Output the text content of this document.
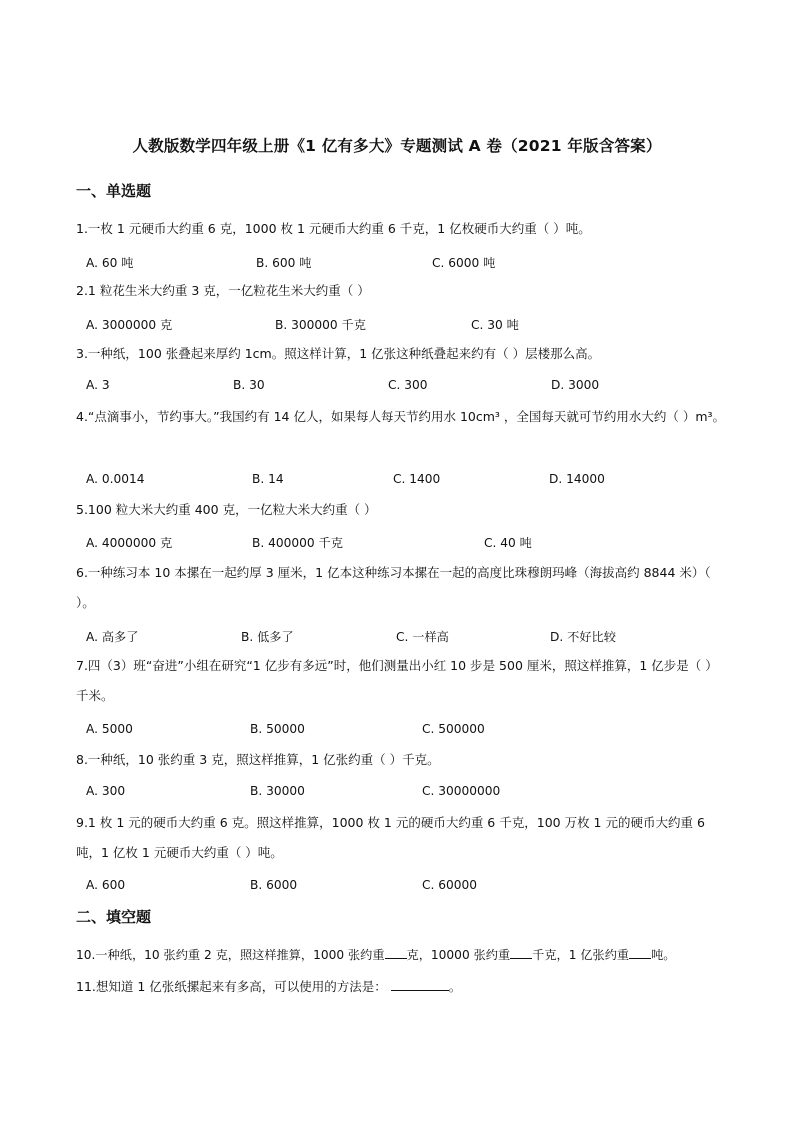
人教版数学四年级上册《1 亿有多大》专题测试 A 卷（2021 年版含答案）
一、单选题
1.一枚 1 元硬币大约重 6 克，1000 枚 1 元硬币大约重 6 千克，1 亿枚硬币大约重（ ）吨。
A. 60 吨	B. 600 吨	C. 6000 吨
2.1 粒花生米大约重 3 克，一亿粒花生米大约重（ ）
A. 3000000 克	B. 300000 千克	C. 30 吨
3.一种纸，100 张叠起来厚约 1cm。照这样计算，1 亿张这种纸叠起来约有（ ）层楼那么高。
A. 3	B. 30	C. 300	D. 3000
4.“点滴事小，节约事大。”我国约有 14 亿人，如果每人每天节约用水 10cm³ ，全国每天就可节约用水大约（ ）m³。
A. 0.0014	B. 14	C. 1400	D. 14000
5.100 粒大米大约重 400 克，一亿粒大米大约重（ ）
A. 4000000 克	B. 400000 千克	C. 40 吨
6.一种练习本 10 本摞在一起约厚 3 厘米，1 亿本这种练习本摞在一起的高度比珠穆朗玛峰（海拔高约 8844 米）（ ）。
A. 高多了	B. 低多了	C. 一样高	D. 不好比较
7.四（3）班“奋进”小组在研究“1 亿步有多远”时，他们测量出小红 10 步是 500 厘米，照这样推算，1 亿步是（ ）千米。
A. 5000	B. 50000	C. 500000
8.一种纸，10 张约重 3 克，照这样推算，1 亿张约重（ ）千克。
A. 300	B. 30000	C. 30000000
9.1 枚 1 元的硬币大约重 6 克。照这样推算，1000 枚 1 元的硬币大约重 6 千克，100 万枚 1 元的硬币大约重 6 吨，1 亿枚 1 元硬币大约重（ ）吨。
A. 600	B. 6000	C. 60000
二、填空题
10.一种纸，10 张约重 2 克，照这样推算，1000 张约重 克，10000 张约重 千克，1 亿张约重 吨。
11.想知道 1 亿张纸摞起来有多高，可以使用的方法是：	。
